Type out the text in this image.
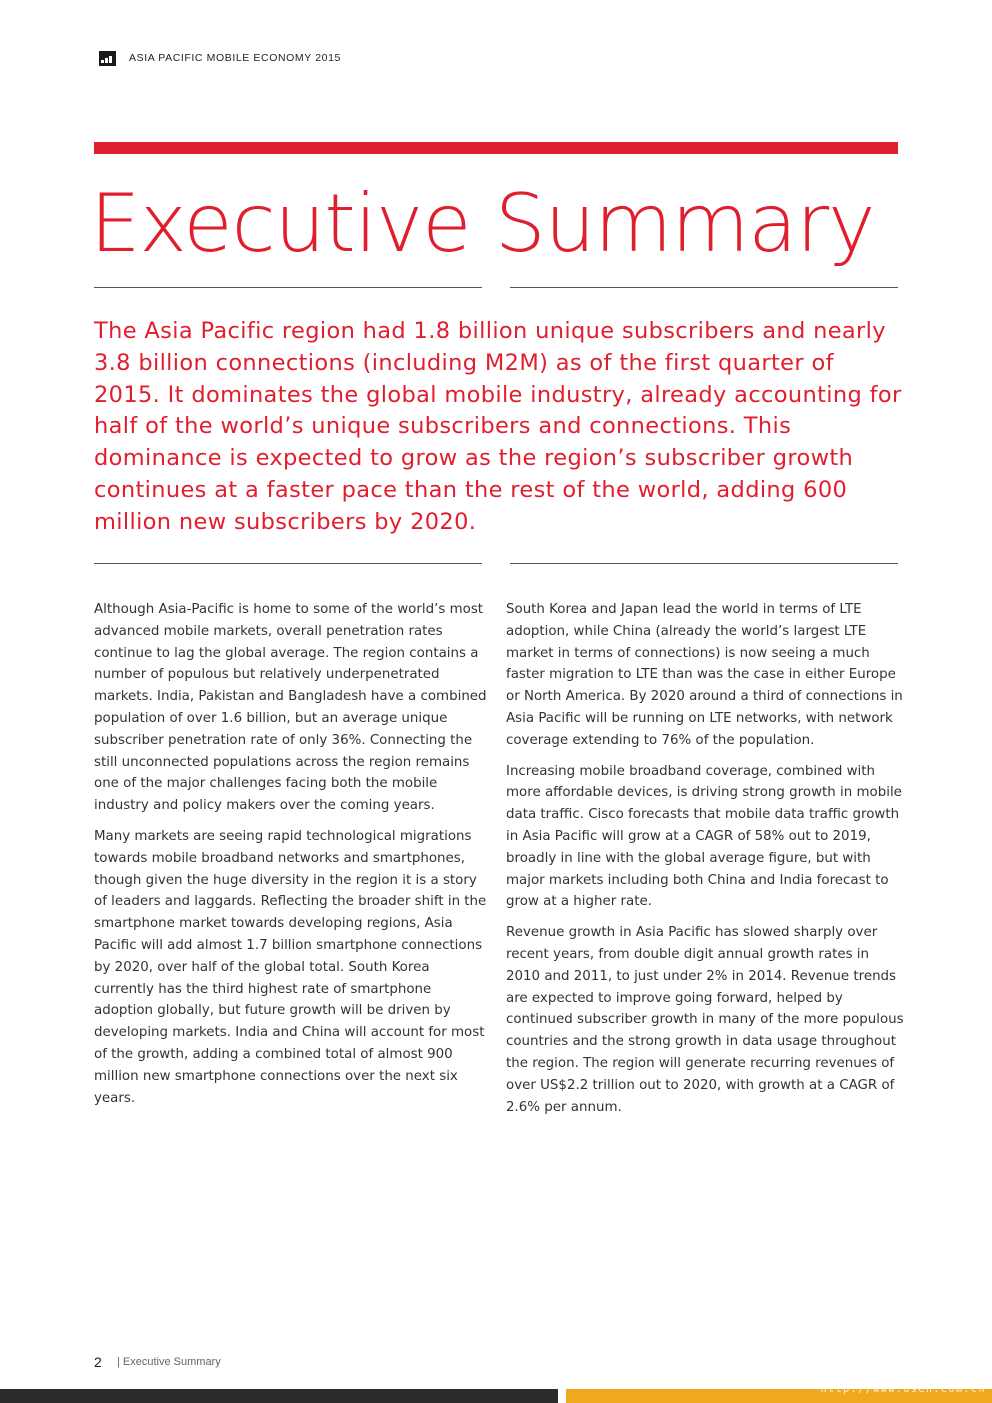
ASIA PACIFIC MOBILE ECONOMY 2015
Executive Summary

The Asia Pacific region had 1.8 billion unique subscribers and nearly 3.8 billion connections (including M2M) as of the first quarter of 2015. It dominates the global mobile industry, already accounting for half of the world’s unique subscribers and connections. This dominance is expected to grow as the region’s subscriber growth continues at a faster pace than the rest of the world, adding 600 million new subscribers by 2020.

Although Asia-Pacific is home to some of the world’s most advanced mobile markets, overall penetration rates continue to lag the global average. The region contains a number of populous but relatively underpenetrated markets. India, Pakistan and Bangladesh have a combined population of over 1.6 billion, but an average unique subscriber penetration rate of only 36%. Connecting the still unconnected populations across the region remains one of the major challenges facing both the mobile industry and policy makers over the coming years.

Many markets are seeing rapid technological migrations towards mobile broadband networks and smartphones, though given the huge diversity in the region it is a story of leaders and laggards. Reflecting the broader shift in the smartphone market towards developing regions, Asia Pacific will add almost 1.7 billion smartphone connections by 2020, over half of the global total. South Korea currently has the third highest rate of smartphone adoption globally, but future growth will be driven by developing markets. India and China will account for most of the growth, adding a combined total of almost 900 million new smartphone connections over the next six years.

South Korea and Japan lead the world in terms of LTE adoption, while China (already the world’s largest LTE market in terms of connections) is now seeing a much faster migration to LTE than was the case in either Europe or North America. By 2020 around a third of connections in Asia Pacific will be running on LTE networks, with network coverage extending to 76% of the population.

Increasing mobile broadband coverage, combined with more affordable devices, is driving strong growth in mobile data traffic. Cisco forecasts that mobile data traffic growth in Asia Pacific will grow at a CAGR of 58% out to 2019, broadly in line with the global average figure, but with major markets including both China and India forecast to grow at a higher rate.

Revenue growth in Asia Pacific has slowed sharply over recent years, from double digit annual growth rates in 2010 and 2011, to just under 2% in 2014. Revenue trends are expected to improve going forward, helped by continued subscriber growth in many of the more populous countries and the strong growth in data usage throughout the region. The region will generate recurring revenues of over US$2.2 trillion out to 2020, with growth at a CAGR of 2.6% per annum.

2 | Executive Summary
http://www.dsen.com.cn
